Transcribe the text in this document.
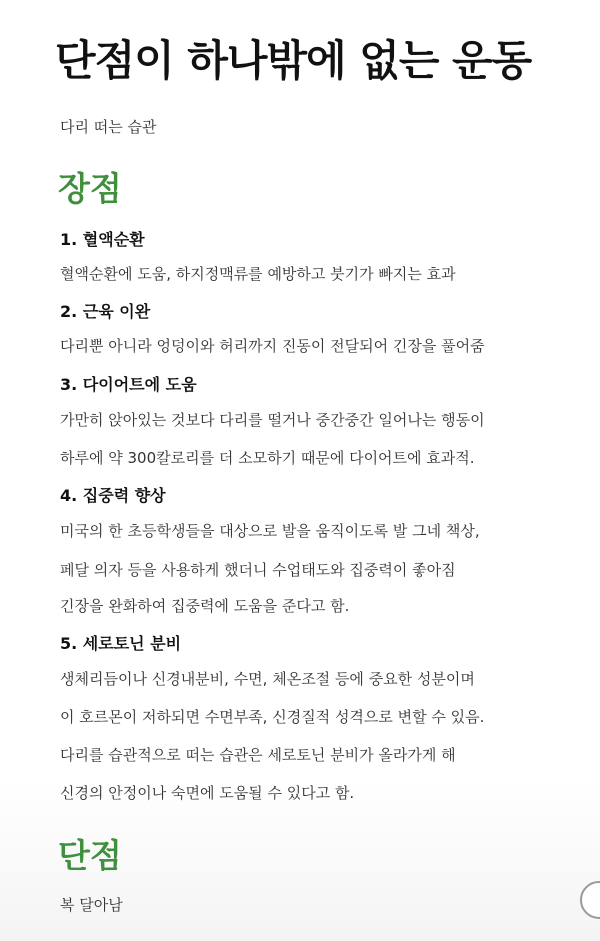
단점이 하나밖에 없는 운동
다리 떠는 습관
장점
1. 혈액순환
혈액순환에 도움, 하지정맥류를 예방하고 붓기가 빠지는 효과
2. 근육 이완
다리뿐 아니라 엉덩이와 허리까지 진동이 전달되어 긴장을 풀어줌
3. 다이어트에 도움
가만히 앉아있는 것보다 다리를 떨거나 중간중간 일어나는 행동이
하루에 약 300칼로리를 더 소모하기 때문에 다이어트에 효과적.
4. 집중력 향상
미국의 한 초등학생들을 대상으로 발을 움직이도록 발 그네 책상,
페달 의자 등을 사용하게 했더니 수업태도와 집중력이 좋아짐
긴장을 완화하여 집중력에 도움을 준다고 함.
5. 세로토닌 분비
생체리듬이나 신경내분비, 수면, 체온조절 등에 중요한 성분이며
이 호르몬이 저하되면 수면부족, 신경질적 성격으로 변할 수 있음.
다리를 습관적으로 떠는 습관은 세로토닌 분비가 올라가게 해
신경의 안정이나 숙면에 도움될 수 있다고 함.
단점
복 달아남
